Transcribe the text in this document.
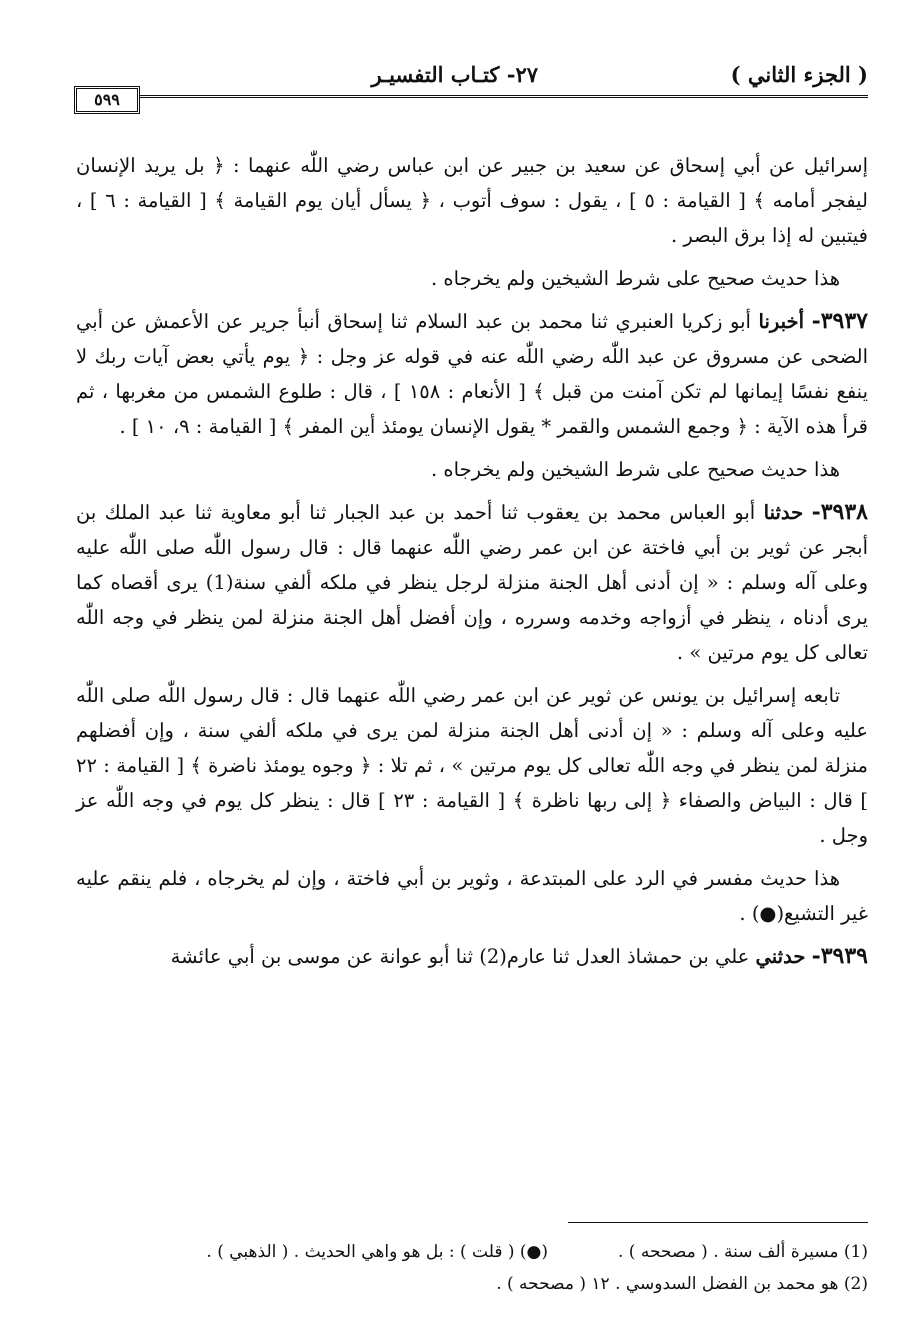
( الجزء الثاني )
٢٧- كتـاب التفسيـر
٥٩٩

إسرائيل عن أبي إسحاق عن سعيد بن جبير عن ابن عباس رضي اللّٰه عنهما : ﴿ بل يريد الإنسان ليفجر أمامه ﴾ [ القيامة : ٥ ] ، يقول : سوف أتوب ، ﴿ يسأل أيان يوم القيامة ﴾ [ القيامة : ٦ ] ، فيتبين له إذا برق البصر .

هذا حديث صحيح على شرط الشيخين ولم يخرجاه .

٣٩٣٧- أخبرنا أبو زكريا العنبري ثنا محمد بن عبد السلام ثنا إسحاق أنبأ جرير عن الأعمش عن أبي الضحى عن مسروق عن عبد اللّٰه رضي اللّٰه عنه في قوله عز وجل : ﴿ يوم يأتي بعض آيات ربك لا ينفع نفسًا إيمانها لم تكن آمنت من قبل ﴾ [ الأنعام : ١٥٨ ] ، قال : طلوع الشمس من مغربها ، ثم قرأ هذه الآية : ﴿ وجمع الشمس والقمر * يقول الإنسان يومئذ أين المفر ﴾ [ القيامة : ٩، ١٠ ] .

هذا حديث صحيح على شرط الشيخين ولم يخرجاه .

٣٩٣٨- حدثنا أبو العباس محمد بن يعقوب ثنا أحمد بن عبد الجبار ثنا أبو معاوية ثنا عبد الملك بن أبجر عن ثوير بن أبي فاختة عن ابن عمر رضي اللّٰه عنهما قال : قال رسول اللّٰه صلى اللّٰه عليه وعلى آله وسلم : « إن أدنى أهل الجنة منزلة لرجل ينظر في ملكه ألفي سنة(1) يرى أقصاه كما يرى أدناه ، ينظر في أزواجه وخدمه وسرره ، وإن أفضل أهل الجنة منزلة لمن ينظر في وجه اللّٰه تعالى كل يوم مرتين » .

تابعه إسرائيل بن يونس عن ثوير عن ابن عمر رضي اللّٰه عنهما قال : قال رسول اللّٰه صلى اللّٰه عليه وعلى آله وسلم : « إن أدنى أهل الجنة منزلة لمن يرى في ملكه ألفي سنة ، وإن أفضلهم منزلة لمن ينظر في وجه اللّٰه تعالى كل يوم مرتين » ، ثم تلا : ﴿ وجوه يومئذ ناضرة ﴾ [ القيامة : ٢٢ ] قال : البياض والصفاء ﴿ إلى ربها ناظرة ﴾ [ القيامة : ٢٣ ] قال : ينظر كل يوم في وجه اللّٰه عز وجل .

هذا حديث مفسر في الرد على المبتدعة ، وثوير بن أبي فاختة ، وإن لم يخرجاه ، فلم ينقم عليه غير التشيع(●) .

٣٩٣٩- حدثني علي بن حمشاذ العدل ثنا عارم(2) ثنا أبو عوانة عن موسى بن أبي عائشة

(1) مسيرة ألف سنة . ( مصححه ) .(●) ( قلت ) : بل هو واهي الحديث . ( الذهبي ) .

(2) هو محمد بن الفضل السدوسي . ١٢ ( مصححه ) .
